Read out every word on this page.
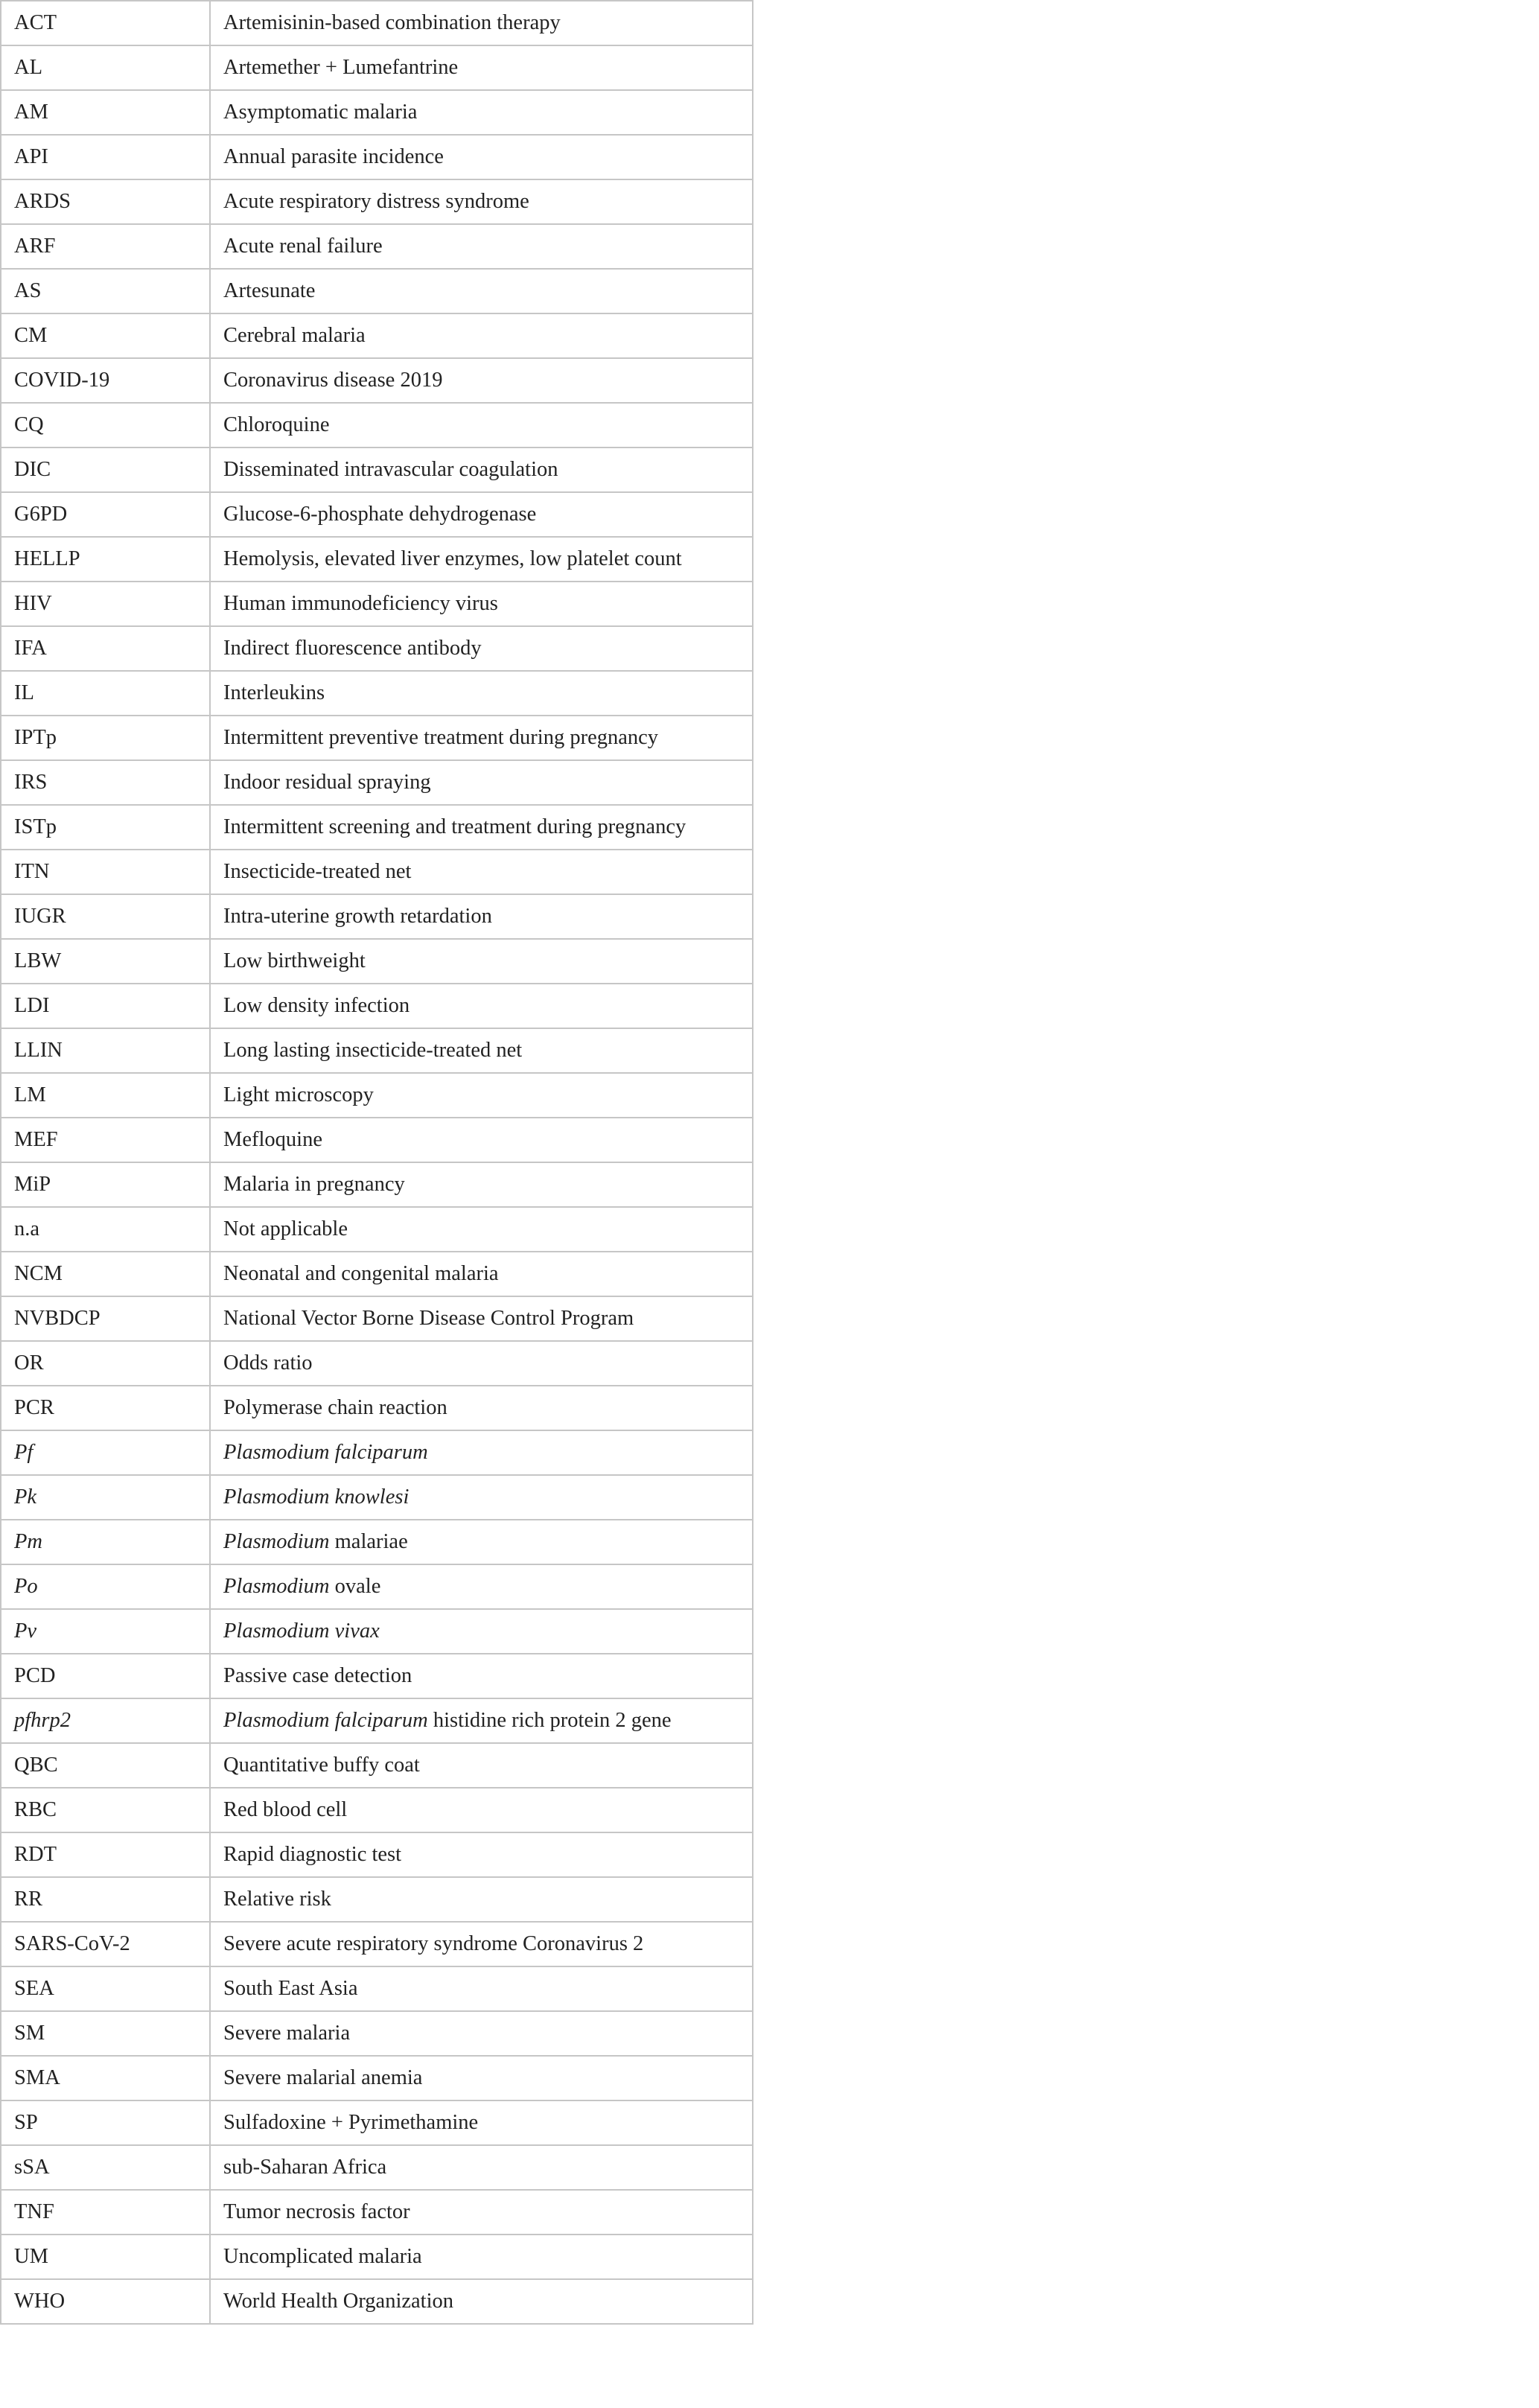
ACT	Artemisinin-based combination therapy
AL	Artemether + Lumefantrine
AM	Asymptomatic malaria
API	Annual parasite incidence
ARDS	Acute respiratory distress syndrome
ARF	Acute renal failure
AS	Artesunate
CM	Cerebral malaria
COVID-19	Coronavirus disease 2019
CQ	Chloroquine
DIC	Disseminated intravascular coagulation
G6PD	Glucose-6-phosphate dehydrogenase
HELLP	Hemolysis, elevated liver enzymes, low platelet count
HIV	Human immunodeficiency virus
IFA	Indirect fluorescence antibody
IL	Interleukins
IPTp	Intermittent preventive treatment during pregnancy
IRS	Indoor residual spraying
ISTp	Intermittent screening and treatment during pregnancy
ITN	Insecticide-treated net
IUGR	Intra-uterine growth retardation
LBW	Low birthweight
LDI	Low density infection
LLIN	Long lasting insecticide-treated net
LM	Light microscopy
MEF	Mefloquine
MiP	Malaria in pregnancy
n.a	Not applicable
NCM	Neonatal and congenital malaria
NVBDCP	National Vector Borne Disease Control Program
OR	Odds ratio
PCR	Polymerase chain reaction
Pf	Plasmodium falciparum
Pk	Plasmodium knowlesi
Pm	Plasmodium malariae
Po	Plasmodium ovale
Pv	Plasmodium vivax
PCD	Passive case detection
pfhrp2	Plasmodium falciparum histidine rich protein 2 gene
QBC	Quantitative buffy coat
RBC	Red blood cell
RDT	Rapid diagnostic test
RR	Relative risk
SARS-CoV-2	Severe acute respiratory syndrome Coronavirus 2
SEA	South East Asia
SM	Severe malaria
SMA	Severe malarial anemia
SP	Sulfadoxine + Pyrimethamine
sSA	sub-Saharan Africa
TNF	Tumor necrosis factor
UM	Uncomplicated malaria
WHO	World Health Organization
